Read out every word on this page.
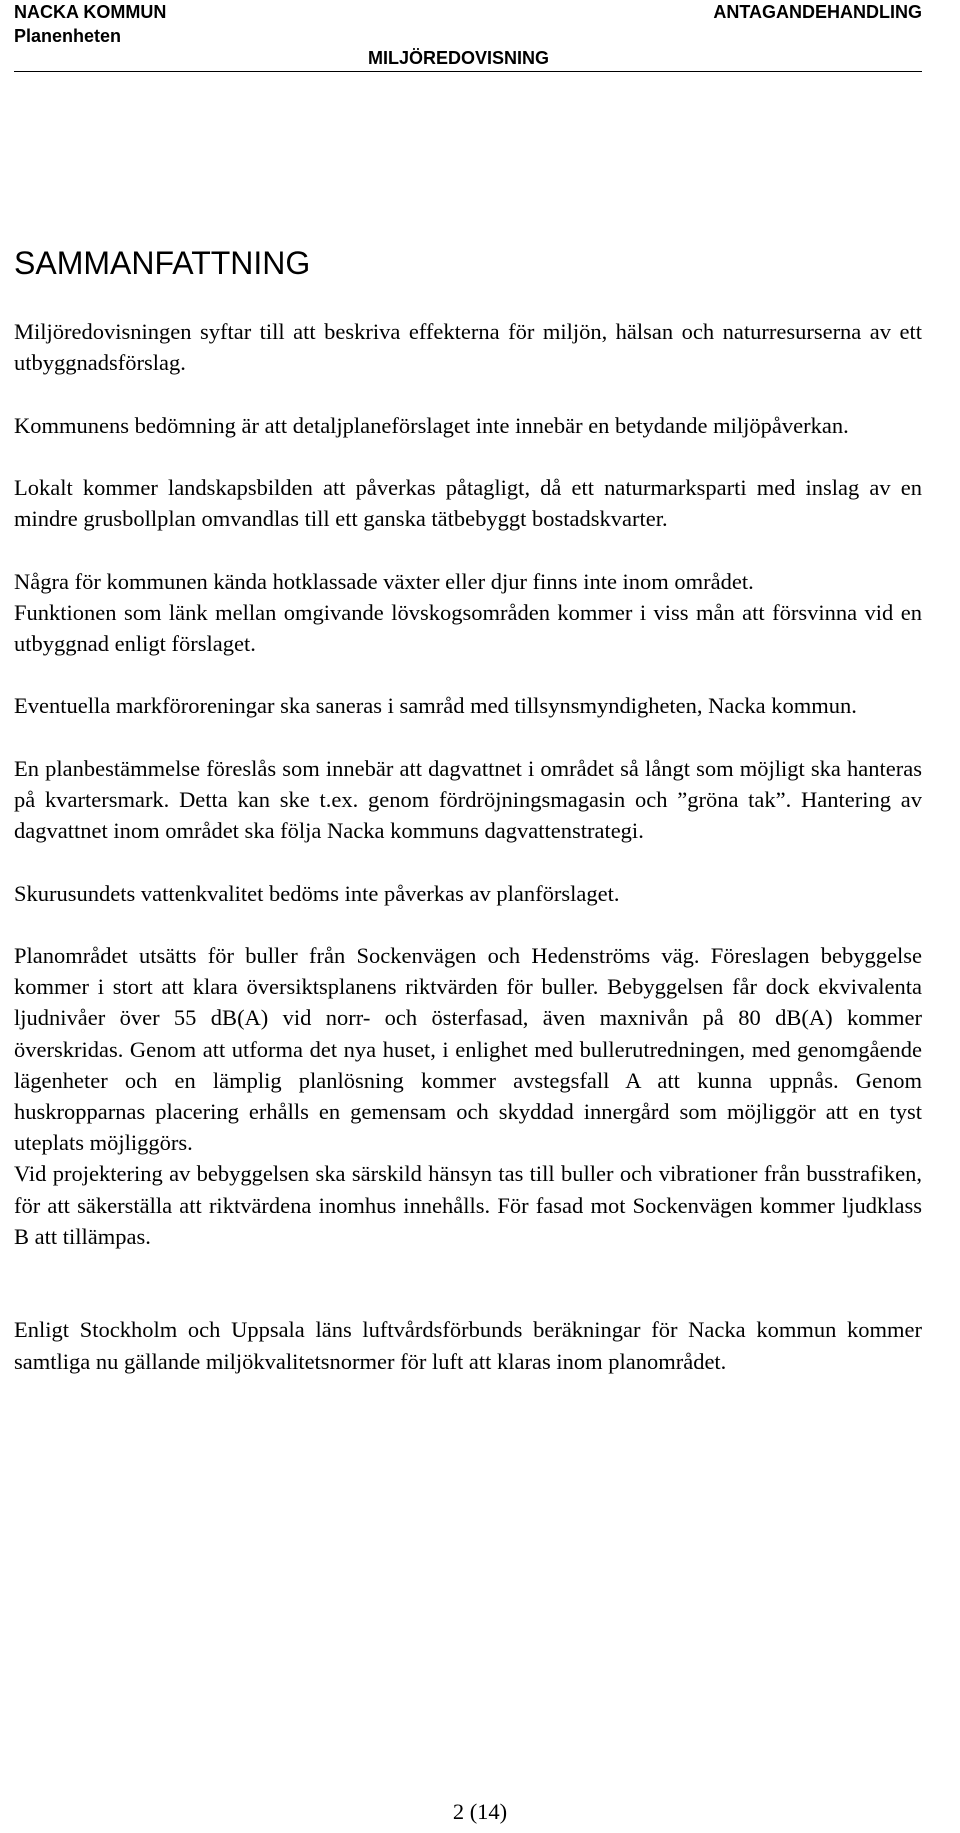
NACKA KOMMUN
Planenheten
ANTAGANDEHANDLING
MILJÖREDOVISNING
SAMMANFATTNING

Miljöredovisningen syftar till att beskriva effekterna för miljön, hälsan och naturresurserna av ett utbyggnadsförslag.

Kommunens bedömning är att detaljplaneförslaget inte innebär en betydande miljöpåverkan.

Lokalt kommer landskapsbilden att påverkas påtagligt, då ett naturmarksparti med inslag av en mindre grusbollplan omvandlas till ett ganska tätbebyggt bostadskvarter.

Några för kommunen kända hotklassade växter eller djur finns inte inom området.

Funktionen som länk mellan omgivande lövskogsområden kommer i viss mån att försvinna vid en utbyggnad enligt förslaget.

Eventuella markföroreningar ska saneras i samråd med tillsynsmyndigheten, Nacka kommun.

En planbestämmelse föreslås som innebär att dagvattnet i området så långt som möjligt ska hanteras på kvartersmark. Detta kan ske t.ex. genom fördröjningsmagasin och ”gröna tak”. Hantering av dagvattnet inom området ska följa Nacka kommuns dagvattenstrategi.

Skurusundets vattenkvalitet bedöms inte påverkas av planförslaget.

Planområdet utsätts för buller från Sockenvägen och Hedenströms väg. Föreslagen bebyggelse kommer i stort att klara översiktsplanens riktvärden för buller. Bebyggelsen får dock ekvivalenta ljudnivåer över 55 dB(A) vid norr- och österfasad, även maxnivån på 80 dB(A) kommer överskridas. Genom att utforma det nya huset, i enlighet med bullerutredningen, med genomgående lägenheter och en lämplig planlösning kommer avstegsfall A att kunna uppnås. Genom huskropparnas placering erhålls en gemensam och skyddad innergård som möjliggör att en tyst uteplats möjliggörs.

Vid projektering av bebyggelsen ska särskild hänsyn tas till buller och vibrationer från busstrafiken, för att säkerställa att riktvärdena inomhus innehålls. För fasad mot Sockenvägen kommer ljudklass B att tillämpas.

Enligt Stockholm och Uppsala läns luftvårdsförbunds beräkningar för Nacka kommun kommer samtliga nu gällande miljökvalitetsnormer för luft att klaras inom planområdet.

2 (14)
